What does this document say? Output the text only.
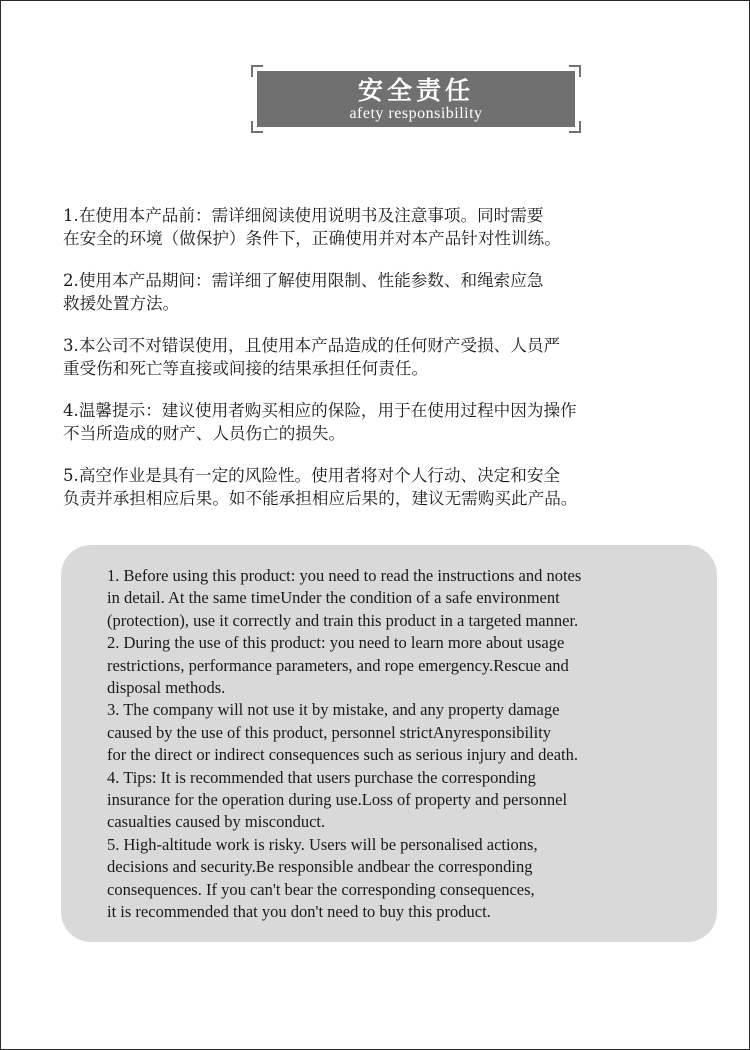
安全责任
afety responsibility

1.在使用本产品前：需详细阅读使用说明书及注意事项。同时需要
在安全的环境（做保护）条件下，正确使用并对本产品针对性训练。

2.使用本产品期间：需详细了解使用限制、性能参数、和绳索应急
救援处置方法。

3.本公司不对错误使用，且使用本产品造成的任何财产受损、人员严
重受伤和死亡等直接或间接的结果承担任何责任。

4.温馨提示：建议使用者购买相应的保险，用于在使用过程中因为操作
不当所造成的财产、人员伤亡的损失。

5.高空作业是具有一定的风险性。使用者将对个人行动、决定和安全
负责并承担相应后果。如不能承担相应后果的，建议无需购买此产品。

1. Before using this product: you need to read the instructions and notes
in detail. At the same timeUnder the condition of a safe environment
(protection), use it correctly and train this product in a targeted manner.
2. During the use of this product: you need to learn more about usage
restrictions, performance parameters, and rope emergency.Rescue and
disposal methods.
3. The company will not use it by mistake, and any property damage
caused by the use of this product, personnel strictAnyresponsibility
for the direct or indirect consequences such as serious injury and death.
4. Tips: It is recommended that users purchase the corresponding
insurance for the operation during use.Loss of property and personnel
casualties caused by misconduct.
5. High-altitude work is risky. Users will be personalised actions,
decisions and security.Be responsible andbear the corresponding
consequences. If you can't bear the corresponding consequences,
it is recommended that you don't need to buy this product.
